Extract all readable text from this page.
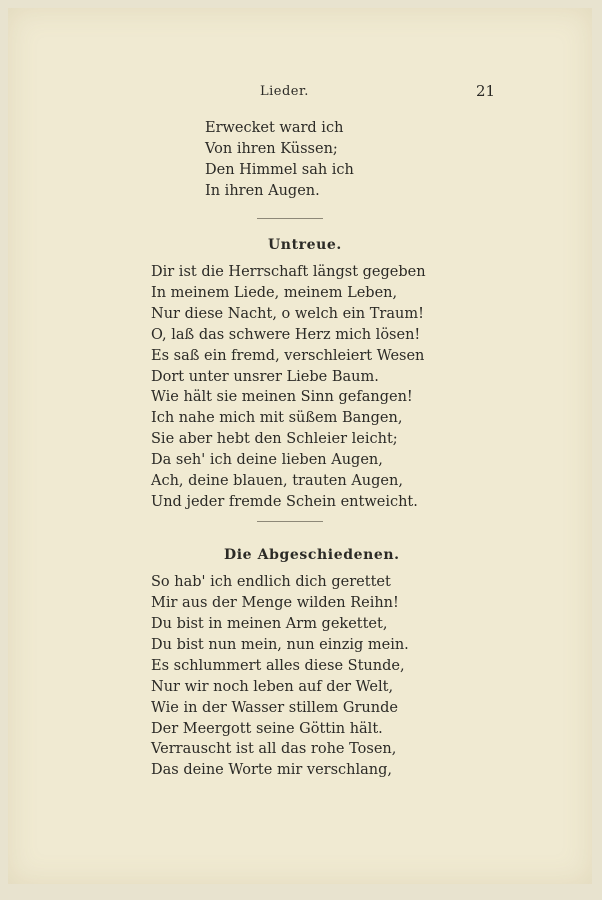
Lieder.	21
Erwecket ward ich
Von ihren Küssen;
Den Himmel sah ich
In ihren Augen.
Untreue.
Dir ist die Herrschaft längst gegeben
In meinem Liede, meinem Leben,
Nur diese Nacht, o welch ein Traum!
O, laß das schwere Herz mich lösen!
Es saß ein fremd, verschleiert Wesen
Dort unter unsrer Liebe Baum.
Wie hält sie meinen Sinn gefangen!
Ich nahe mich mit süßem Bangen,
Sie aber hebt den Schleier leicht;
Da seh' ich deine lieben Augen,
Ach, deine blauen, trauten Augen,
Und jeder fremde Schein entweicht.
Die Abgeschiedenen.
So hab' ich endlich dich gerettet
Mir aus der Menge wilden Reihn!
Du bist in meinen Arm gekettet,
Du bist nun mein, nun einzig mein.
Es schlummert alles diese Stunde,
Nur wir noch leben auf der Welt,
Wie in der Wasser stillem Grunde
Der Meergott seine Göttin hält.
Verrauscht ist all das rohe Tosen,
Das deine Worte mir verschlang,
